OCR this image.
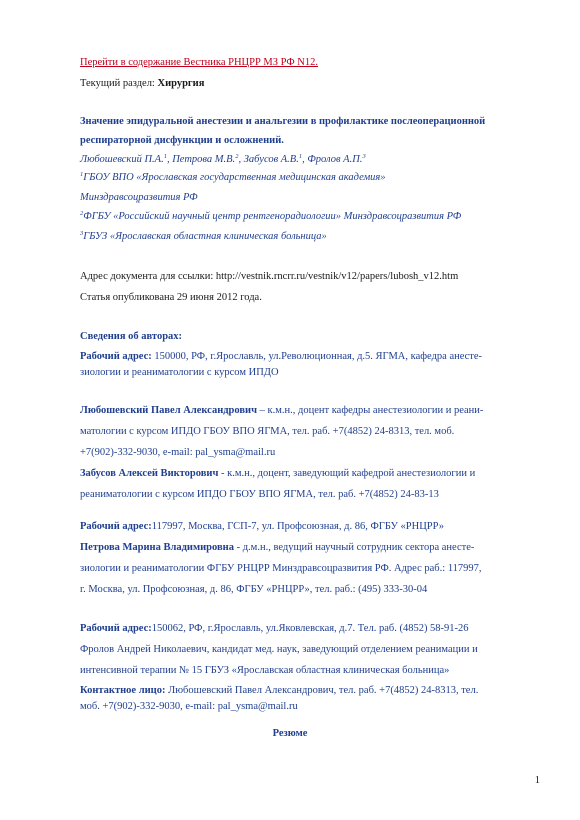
Перейти в содержание Вестника РНЦРР МЗ РФ N12.
Текущий раздел: Хирургия
Значение эпидуральной анестезии и анальгезии в профилактике послеоперационной
респираторной дисфункции и осложнений.
Любошевский П.А.$^1$, Петрова М.В.$^2$, Забусов А.В.$^1$, Фролов А.П.$^3$
$^1$ГБОУ ВПО «Ярославская государственная медицинская академия»
Минздравсоцразвития РФ
$^2$ФГБУ «Российский научный центр рентгенорадиологии» Минздравсоцразвития РФ
$^3$ГБУЗ «Ярославская областная клиническая больница»
Адрес документа для ссылки: http://vestnik.rncrr.ru/vestnik/v12/papers/lubosh_v12.htm
Статья опубликована 29 июня 2012 года.
Сведения об авторах:
Рабочий адрес: 150000, РФ, г.Ярославль, ул.Революционная, д.5. ЯГМА, кафедра анесте-
зиологии и реаниматологии с курсом ИПДО
Любошевский Павел Александрович – к.м.н., доцент кафедры анестезиологии и реани-
матологии с курсом ИПДО ГБОУ ВПО ЯГМА, тел. раб. +7(4852) 24-8313, тел. моб.
+7(902)-332-9030, e-mail: pal_ysma@mail.ru
Забусов Алексей Викторович - к.м.н., доцент, заведующий кафедрой анестезиологии и
реаниматологии с курсом ИПДО ГБОУ ВПО ЯГМА, тел. раб. +7(4852) 24-83-13
Рабочий адрес:117997, Москва, ГСП-7, ул. Профсоюзная, д. 86, ФГБУ «РНЦРР»
Петрова Марина Владимировна - д.м.н., ведущий научный сотрудник сектора анесте-
зиологии и реаниматологии ФГБУ РНЦРР Минздравсоцразвития РФ. Адрес раб.: 117997,
г. Москва, ул. Профсоюзная, д. 86, ФГБУ «РНЦРР», тел. раб.: (495) 333-30-04
Рабочий адрес:150062, РФ, г.Ярославль, ул.Яковлевская, д.7. Тел. раб. (4852) 58-91-26
Фролов Андрей Николаевич, кандидат мед. наук, заведующий отделением реанимации и
интенсивной терапии № 15 ГБУЗ «Ярославская областная клиническая больница»
Контактное лицо: Любошевский Павел Александрович, тел. раб. +7(4852) 24-8313, тел.
моб. +7(902)-332-9030, e-mail: pal_ysma@mail.ru
Резюме
1
